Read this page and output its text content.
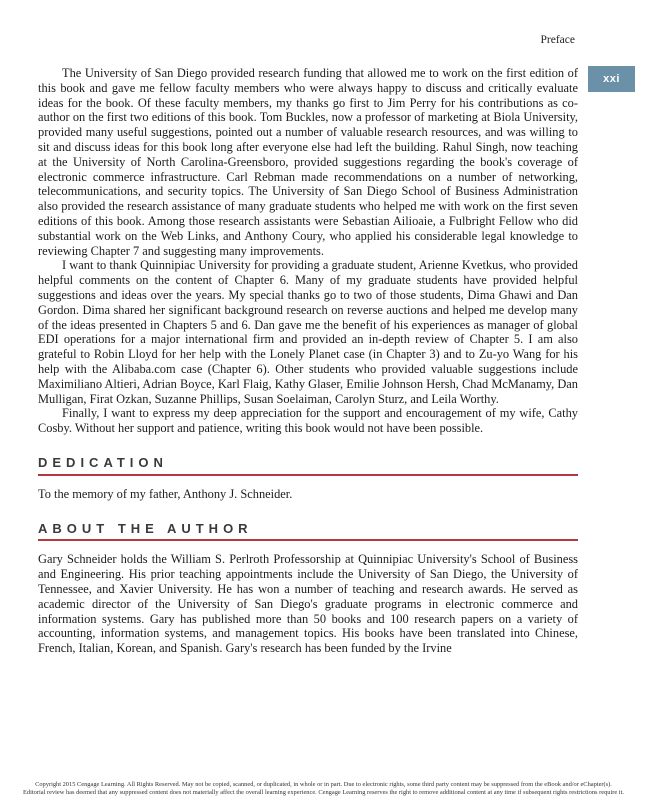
Preface
xxi

The University of San Diego provided research funding that allowed me to work on the first edition of this book and gave me fellow faculty members who were always happy to discuss and critically evaluate ideas for the book. Of these faculty members, my thanks go first to Jim Perry for his contributions as co-author on the first two editions of this book. Tom Buckles, now a professor of marketing at Biola University, provided many useful suggestions, pointed out a number of valuable research resources, and was willing to sit and discuss ideas for this book long after everyone else had left the building. Rahul Singh, now teaching at the University of North Carolina-Greensboro, provided suggestions regarding the book's coverage of electronic commerce infrastructure. Carl Rebman made recommendations on a number of networking, telecommunications, and security topics. The University of San Diego School of Business Administration also provided the research assistance of many graduate students who helped me with work on the first seven editions of this book. Among those research assistants were Sebastian Ailioaie, a Fulbright Fellow who did substantial work on the Web Links, and Anthony Coury, who applied his considerable legal knowledge to reviewing Chapter 7 and suggesting many improvements.

I want to thank Quinnipiac University for providing a graduate student, Arienne Kvetkus, who provided helpful comments on the content of Chapter 6. Many of my graduate students have provided helpful suggestions and ideas over the years. My special thanks go to two of those students, Dima Ghawi and Dan Gordon. Dima shared her significant background research on reverse auctions and helped me develop many of the ideas presented in Chapters 5 and 6. Dan gave me the benefit of his experiences as manager of global EDI operations for a major international firm and provided an in-depth review of Chapter 5. I am also grateful to Robin Lloyd for her help with the Lonely Planet case (in Chapter 3) and to Zu-yo Wang for his help with the Alibaba.com case (Chapter 6). Other students who provided valuable suggestions include Maximiliano Altieri, Adrian Boyce, Karl Flaig, Kathy Glaser, Emilie Johnson Hersh, Chad McManamy, Dan Mulligan, Firat Ozkan, Suzanne Phillips, Susan Soelaiman, Carolyn Sturz, and Leila Worthy.

Finally, I want to express my deep appreciation for the support and encouragement of my wife, Cathy Cosby. Without her support and patience, writing this book would not have been possible.

DEDICATION

To the memory of my father, Anthony J. Schneider.

ABOUT THE AUTHOR

Gary Schneider holds the William S. Perlroth Professorship at Quinnipiac University's School of Business and Engineering. His prior teaching appointments include the University of San Diego, the University of Tennessee, and Xavier University. He has won a number of teaching and research awards. He served as academic director of the University of San Diego's graduate programs in electronic commerce and information systems. Gary has published more than 50 books and 100 research papers on a variety of accounting, information systems, and management topics. His books have been translated into Chinese, French, Italian, Korean, and Spanish. Gary's research has been funded by the Irvine

Copyright 2015 Cengage Learning. All Rights Reserved. May not be copied, scanned, or duplicated, in whole or in part. Due to electronic rights, some third party content may be suppressed from the eBook and/or eChapter(s).
Editorial review has deemed that any suppressed content does not materially affect the overall learning experience. Cengage Learning reserves the right to remove additional content at any time if subsequent rights restrictions require it.
